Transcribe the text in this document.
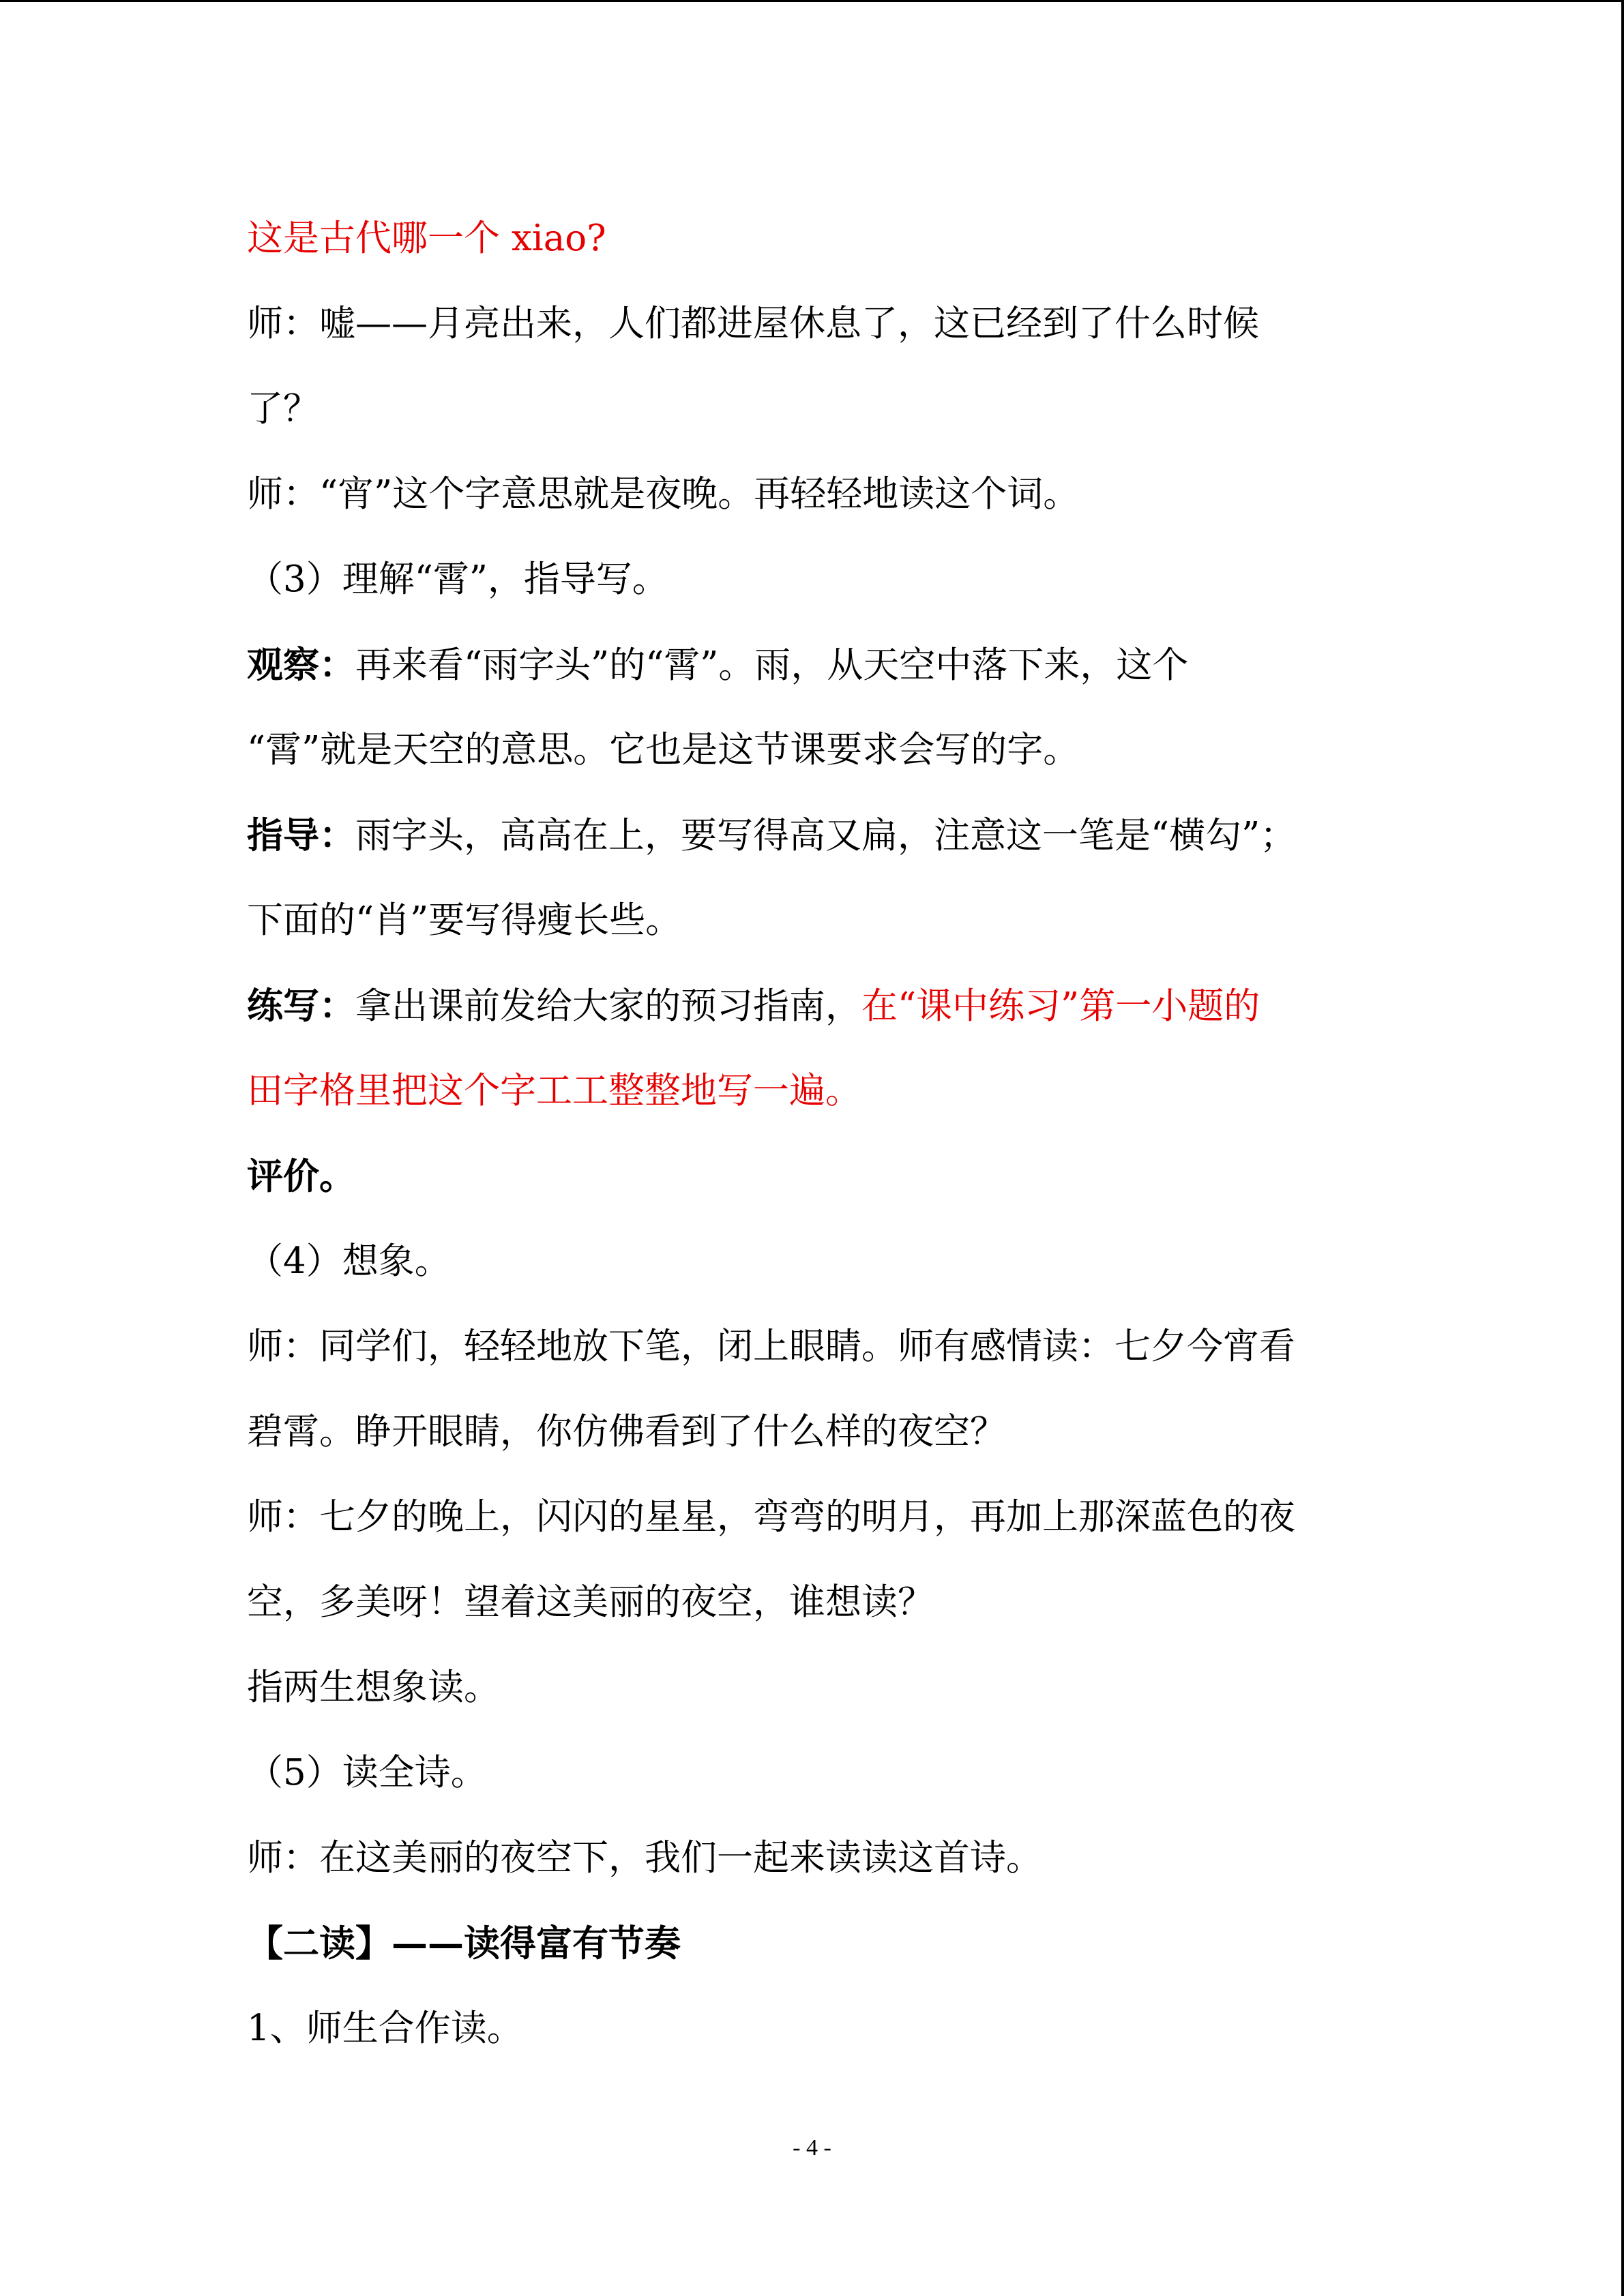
这是古代哪一个 xiao?
师：嘘——月亮出来，人们都进屋休息了，这已经到了什么时候
了？
师：“宵”这个字意思就是夜晚。再轻轻地读这个词。
（3）理解“霄”，指导写。
观察：再来看“雨字头”的“霄”。雨，从天空中落下来，这个
“霄”就是天空的意思。它也是这节课要求会写的字。
指导：雨字头，高高在上，要写得高又扁，注意这一笔是“横勾”；
下面的“肖”要写得瘦长些。
练写：拿出课前发给大家的预习指南，在“课中练习”第一小题的
田字格里把这个字工工整整地写一遍。
评价。
（4）想象。
师：同学们，轻轻地放下笔，闭上眼睛。师有感情读：七夕今宵看
碧霄。睁开眼睛，你仿佛看到了什么样的夜空？
师：七夕的晚上，闪闪的星星，弯弯的明月，再加上那深蓝色的夜
空，多美呀！望着这美丽的夜空，谁想读？
指两生想象读。
（5）读全诗。
师：在这美丽的夜空下，我们一起来读读这首诗。
【二读】——读得富有节奏
1、师生合作读。
- 4 -
